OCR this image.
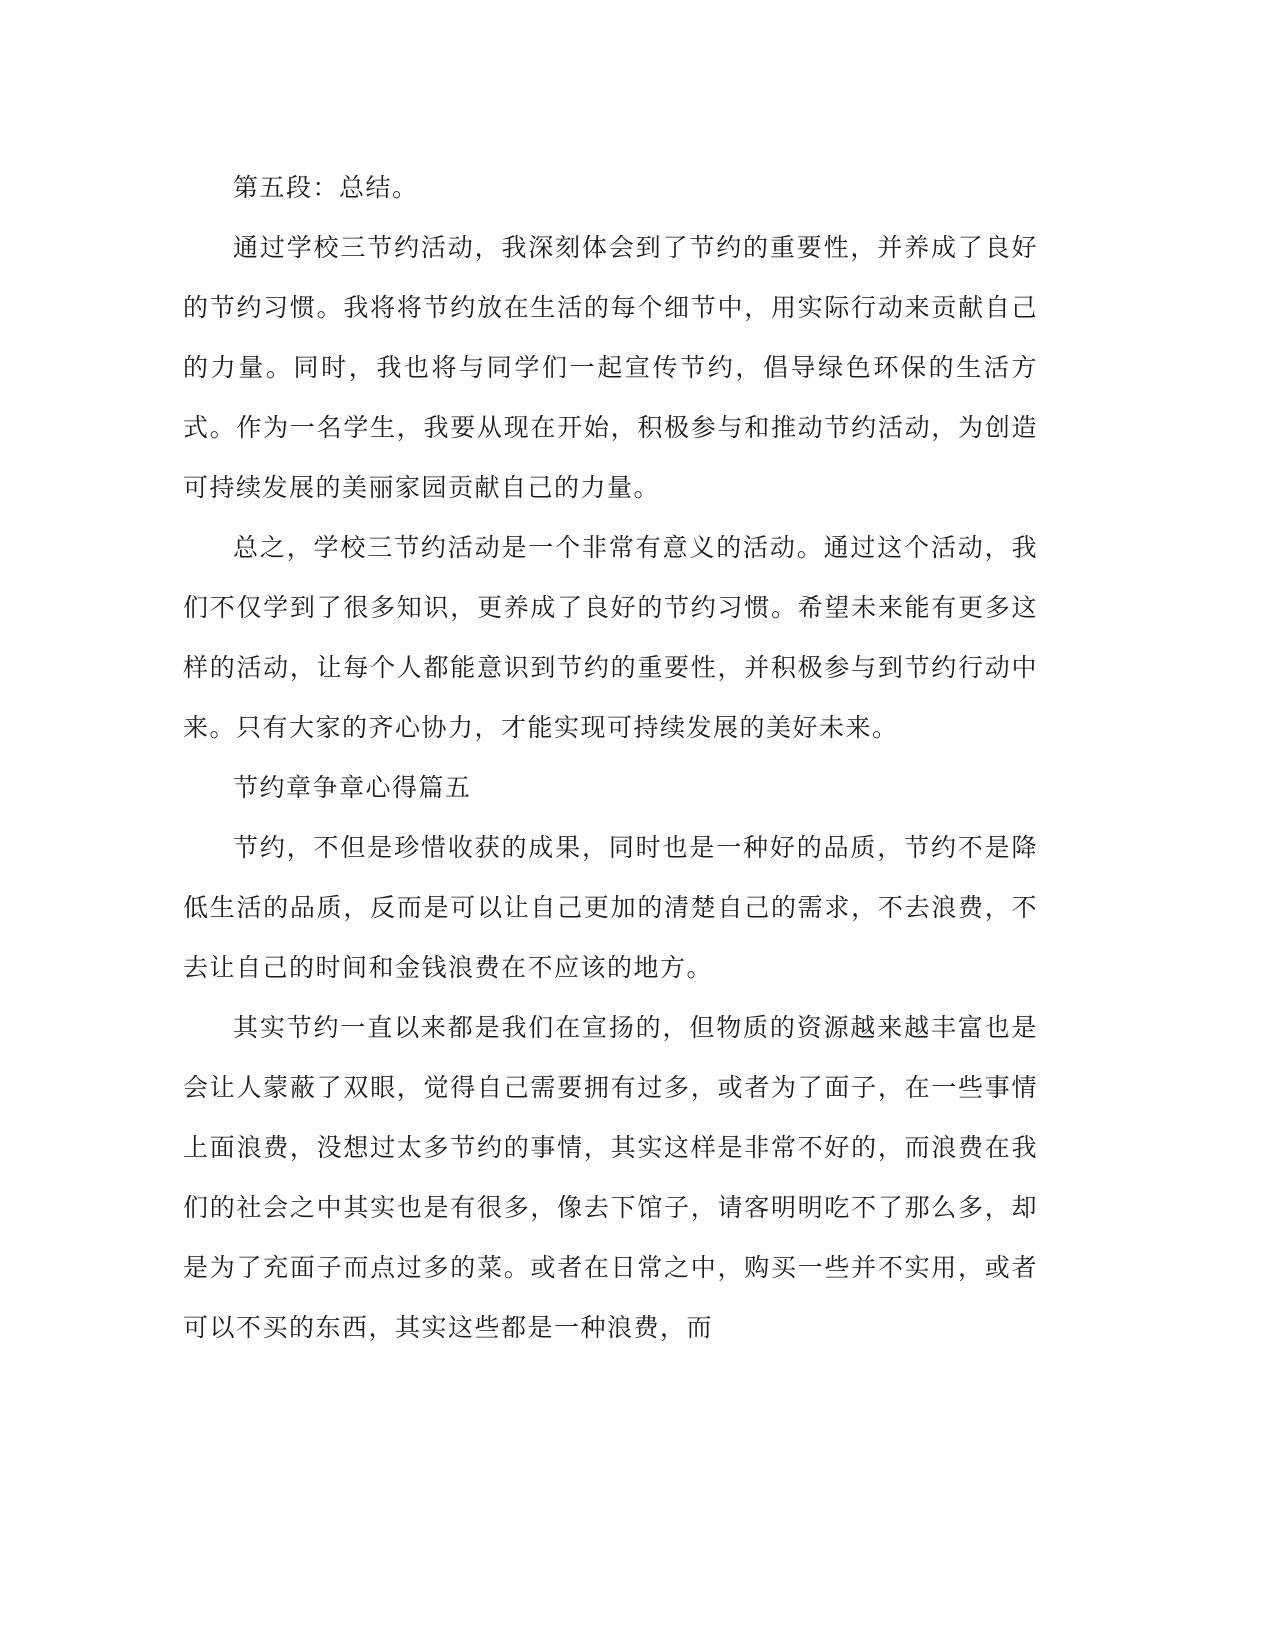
第五段：总结。

通过学校三节约活动，我深刻体会到了节约的重要性，并养成了良好的节约习惯。我将将节约放在生活的每个细节中，用实际行动来贡献自己的力量。同时，我也将与同学们一起宣传节约，倡导绿色环保的生活方式。作为一名学生，我要从现在开始，积极参与和推动节约活动，为创造可持续发展的美丽家园贡献自己的力量。

总之，学校三节约活动是一个非常有意义的活动。通过这个活动，我们不仅学到了很多知识，更养成了良好的节约习惯。希望未来能有更多这样的活动，让每个人都能意识到节约的重要性，并积极参与到节约行动中来。只有大家的齐心协力，才能实现可持续发展的美好未来。

节约章争章心得篇五

节约，不但是珍惜收获的成果，同时也是一种好的品质，节约不是降低生活的品质，反而是可以让自己更加的清楚自己的需求，不去浪费，不去让自己的时间和金钱浪费在不应该的地方。

其实节约一直以来都是我们在宣扬的，但物质的资源越来越丰富也是会让人蒙蔽了双眼，觉得自己需要拥有过多，或者为了面子，在一些事情上面浪费，没想过太多节约的事情，其实这样是非常不好的，而浪费在我们的社会之中其实也是有很多，像去下馆子，请客明明吃不了那么多，却是为了充面子而点过多的菜。或者在日常之中，购买一些并不实用，或者可以不买的东西，其实这些都是一种浪费，而
